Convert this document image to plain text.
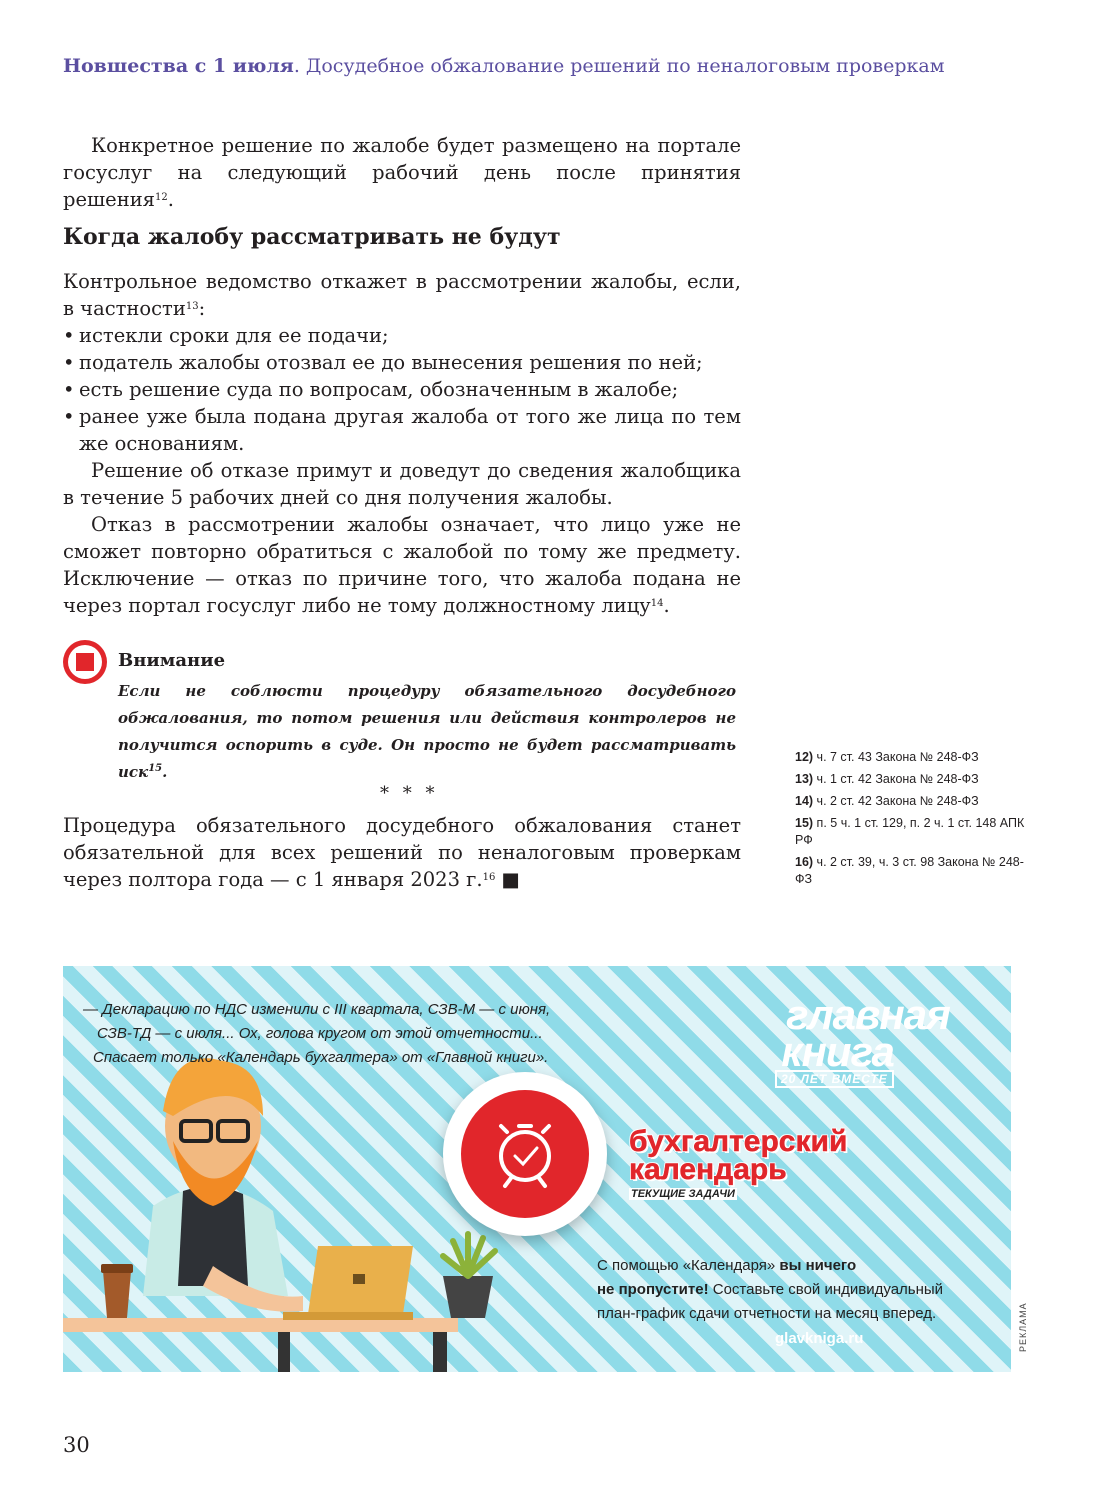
Новшества с 1 июля. Досудебное обжалование решений по неналоговым проверкам

Конкретное решение по жалобе будет размещено на портале госуслуг на следующий рабочий день после принятия решения$^{12}$.

Когда жалобу рассматривать не будут

Контрольное ведомство откажет в рассмотрении жалобы, если, в частности$^{13}$:

• истекли сроки для ее подачи;
• податель жалобы отозвал ее до вынесения решения по ней;
• есть решение суда по вопросам, обозначенным в жалобе;
• ранее уже была подана другая жалоба от того же лица по тем же основаниям.

Решение об отказе примут и доведут до сведения жалобщика в течение 5 рабочих дней со дня получения жалобы.

Отказ в рассмотрении жалобы означает, что лицо уже не сможет повторно обратиться с жалобой по тому же предмету. Исключение — отказ по причине того, что жалоба подана не через портал госуслуг либо не тому должностному лицу$^{14}$.

Внимание
Если не соблюсти процедуру обязательного досудебного обжалования, то потом решения или действия контролеров не получится оспорить в суде. Он просто не будет рассматривать иск$^{15}$.
* * *

Процедура обязательного досудебного обжалования станет обязательной для всех решений по неналоговым проверкам через полтора года — с 1 января 2023 г.$^{16}$ ■

12) ч. 7 ст. 43 Закона № 248-ФЗ

13) ч. 1 ст. 42 Закона № 248-ФЗ

14) ч. 2 ст. 42 Закона № 248-ФЗ

15) п. 5 ч. 1 ст. 129, п. 2 ч. 1 ст. 148 АПК РФ

16) ч. 2 ст. 39, ч. 3 ст. 98 Закона № 248-ФЗ

— Декларацию по НДС изменили с III квартала, СЗВ-М — с июня,
СЗВ-ТД — с июля... Ох, голова кругом от этой отчетности...
Спасает только «Календарь бухгалтера» от «Главной книги».
главная
книга
20 ЛЕТ ВМЕСТЕ
бухгалтерский
календарь
ТЕКУЩИЕ ЗАДАЧИ
С помощью «Календаря» вы ничего
не пропустите! Составьте свой индивидуальный
план-график сдачи отчетности на месяц вперед.
glavkniga.ru	РЕКЛАМА
30
